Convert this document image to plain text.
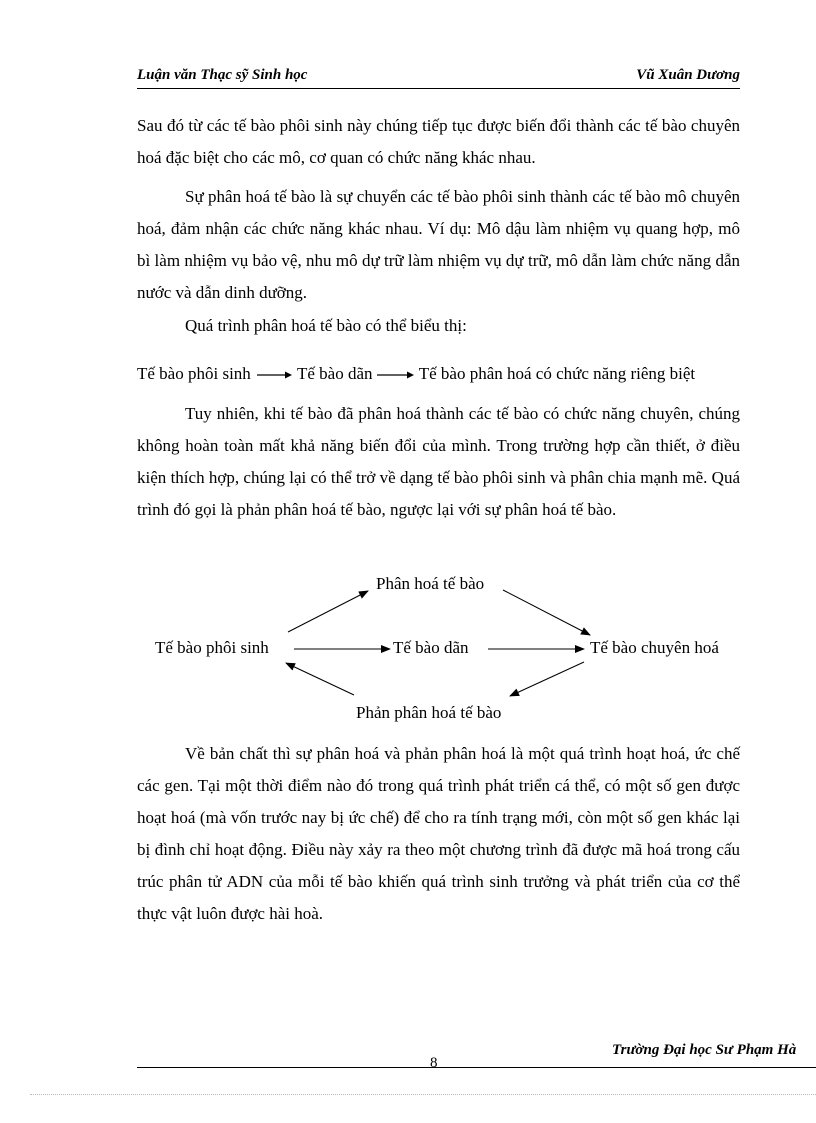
Luận văn Thạc sỹ Sinh học	Vũ Xuân Dương

Sau đó từ các tế bào phôi sinh này chúng tiếp tục được biến đổi thành các tế bào chuyên hoá đặc biệt cho các mô, cơ quan có chức năng khác nhau.

Sự phân hoá tế bào là sự chuyển các tế bào phôi sinh thành các tế bào mô chuyên hoá, đảm nhận các chức năng khác nhau. Ví dụ: Mô dậu làm nhiệm vụ quang hợp, mô bì làm nhiệm vụ bảo vệ, nhu mô dự trữ làm nhiệm vụ dự trữ, mô dẫn làm chức năng dẫn nước và dẫn dinh dưỡng.

Quá trình phân hoá tế bào có thể biểu thị:

Tế bào phôi sinh	Tế bào dãn	Tế bào phân hoá có chức năng riêng biệt

Tuy nhiên, khi tế bào đã phân hoá thành các tế bào có chức năng chuyên, chúng không hoàn toàn mất khả năng biến đổi của mình. Trong trường hợp cần thiết, ở điều kiện thích hợp, chúng lại có thể trở về dạng tế bào phôi sinh và phân chia mạnh mẽ. Quá trình đó gọi là phản phân hoá tế bào, ngược lại với sự phân hoá tế bào.

Phân hoá tế bào
Tế bào phôi sinh	Tế bào dãn	Tế bào chuyên hoá
Phản phân hoá tế bào

Về bản chất thì sự phân hoá và phản phân hoá là một quá trình hoạt hoá, ức chế các gen. Tại một thời điểm nào đó trong quá trình phát triển cá thể, có một số gen được hoạt hoá (mà vốn trước nay bị ức chế) để cho ra tính trạng mới, còn một số gen khác lại bị đình chỉ hoạt động. Điều này xảy ra theo một chương trình đã được mã hoá trong cấu trúc phân tử ADN của mỗi tế bào khiến quá trình sinh trưởng và phát triển của cơ thể thực vật luôn được hài hoà.

Trường Đại học Sư Phạm Hà
8
